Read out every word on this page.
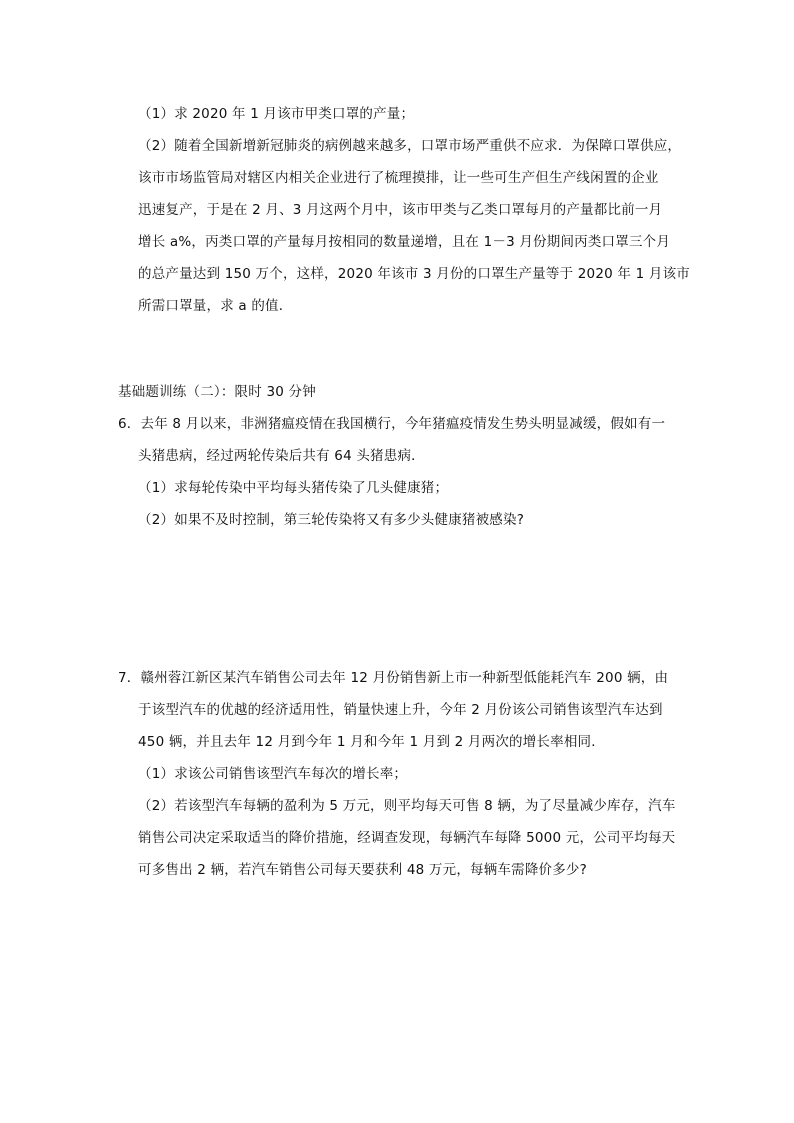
（1）求 2020 年 1 月该市甲类口罩的产量；
（2）随着全国新增新冠肺炎的病例越来越多，口罩市场严重供不应求．为保障口罩供应，
该市市场监管局对辖区内相关企业进行了梳理摸排，让一些可生产但生产线闲置的企业
迅速复产，于是在 2 月、3 月这两个月中，该市甲类与乙类口罩每月的产量都比前一月
增长 a%，丙类口罩的产量每月按相同的数量递增，且在 1－3 月份期间丙类口罩三个月
的总产量达到 150 万个，这样，2020 年该市 3 月份的口罩生产量等于 2020 年 1 月该市
所需口罩量，求 a 的值．
基础题训练（二）：限时 30 分钟
6．去年 8 月以来，非洲猪瘟疫情在我国横行，今年猪瘟疫情发生势头明显减缓，假如有一
头猪患病，经过两轮传染后共有 64 头猪患病．
（1）求每轮传染中平均每头猪传染了几头健康猪；
（2）如果不及时控制，第三轮传染将又有多少头健康猪被感染?
7．赣州蓉江新区某汽车销售公司去年 12 月份销售新上市一种新型低能耗汽车 200 辆，由
于该型汽车的优越的经济适用性，销量快速上升，今年 2 月份该公司销售该型汽车达到
450 辆，并且去年 12 月到今年 1 月和今年 1 月到 2 月两次的增长率相同．
（1）求该公司销售该型汽车每次的增长率；
（2）若该型汽车每辆的盈利为 5 万元，则平均每天可售 8 辆，为了尽量减少库存，汽车
销售公司决定采取适当的降价措施，经调查发现，每辆汽车每降 5000 元，公司平均每天
可多售出 2 辆，若汽车销售公司每天要获利 48 万元，每辆车需降价多少?
